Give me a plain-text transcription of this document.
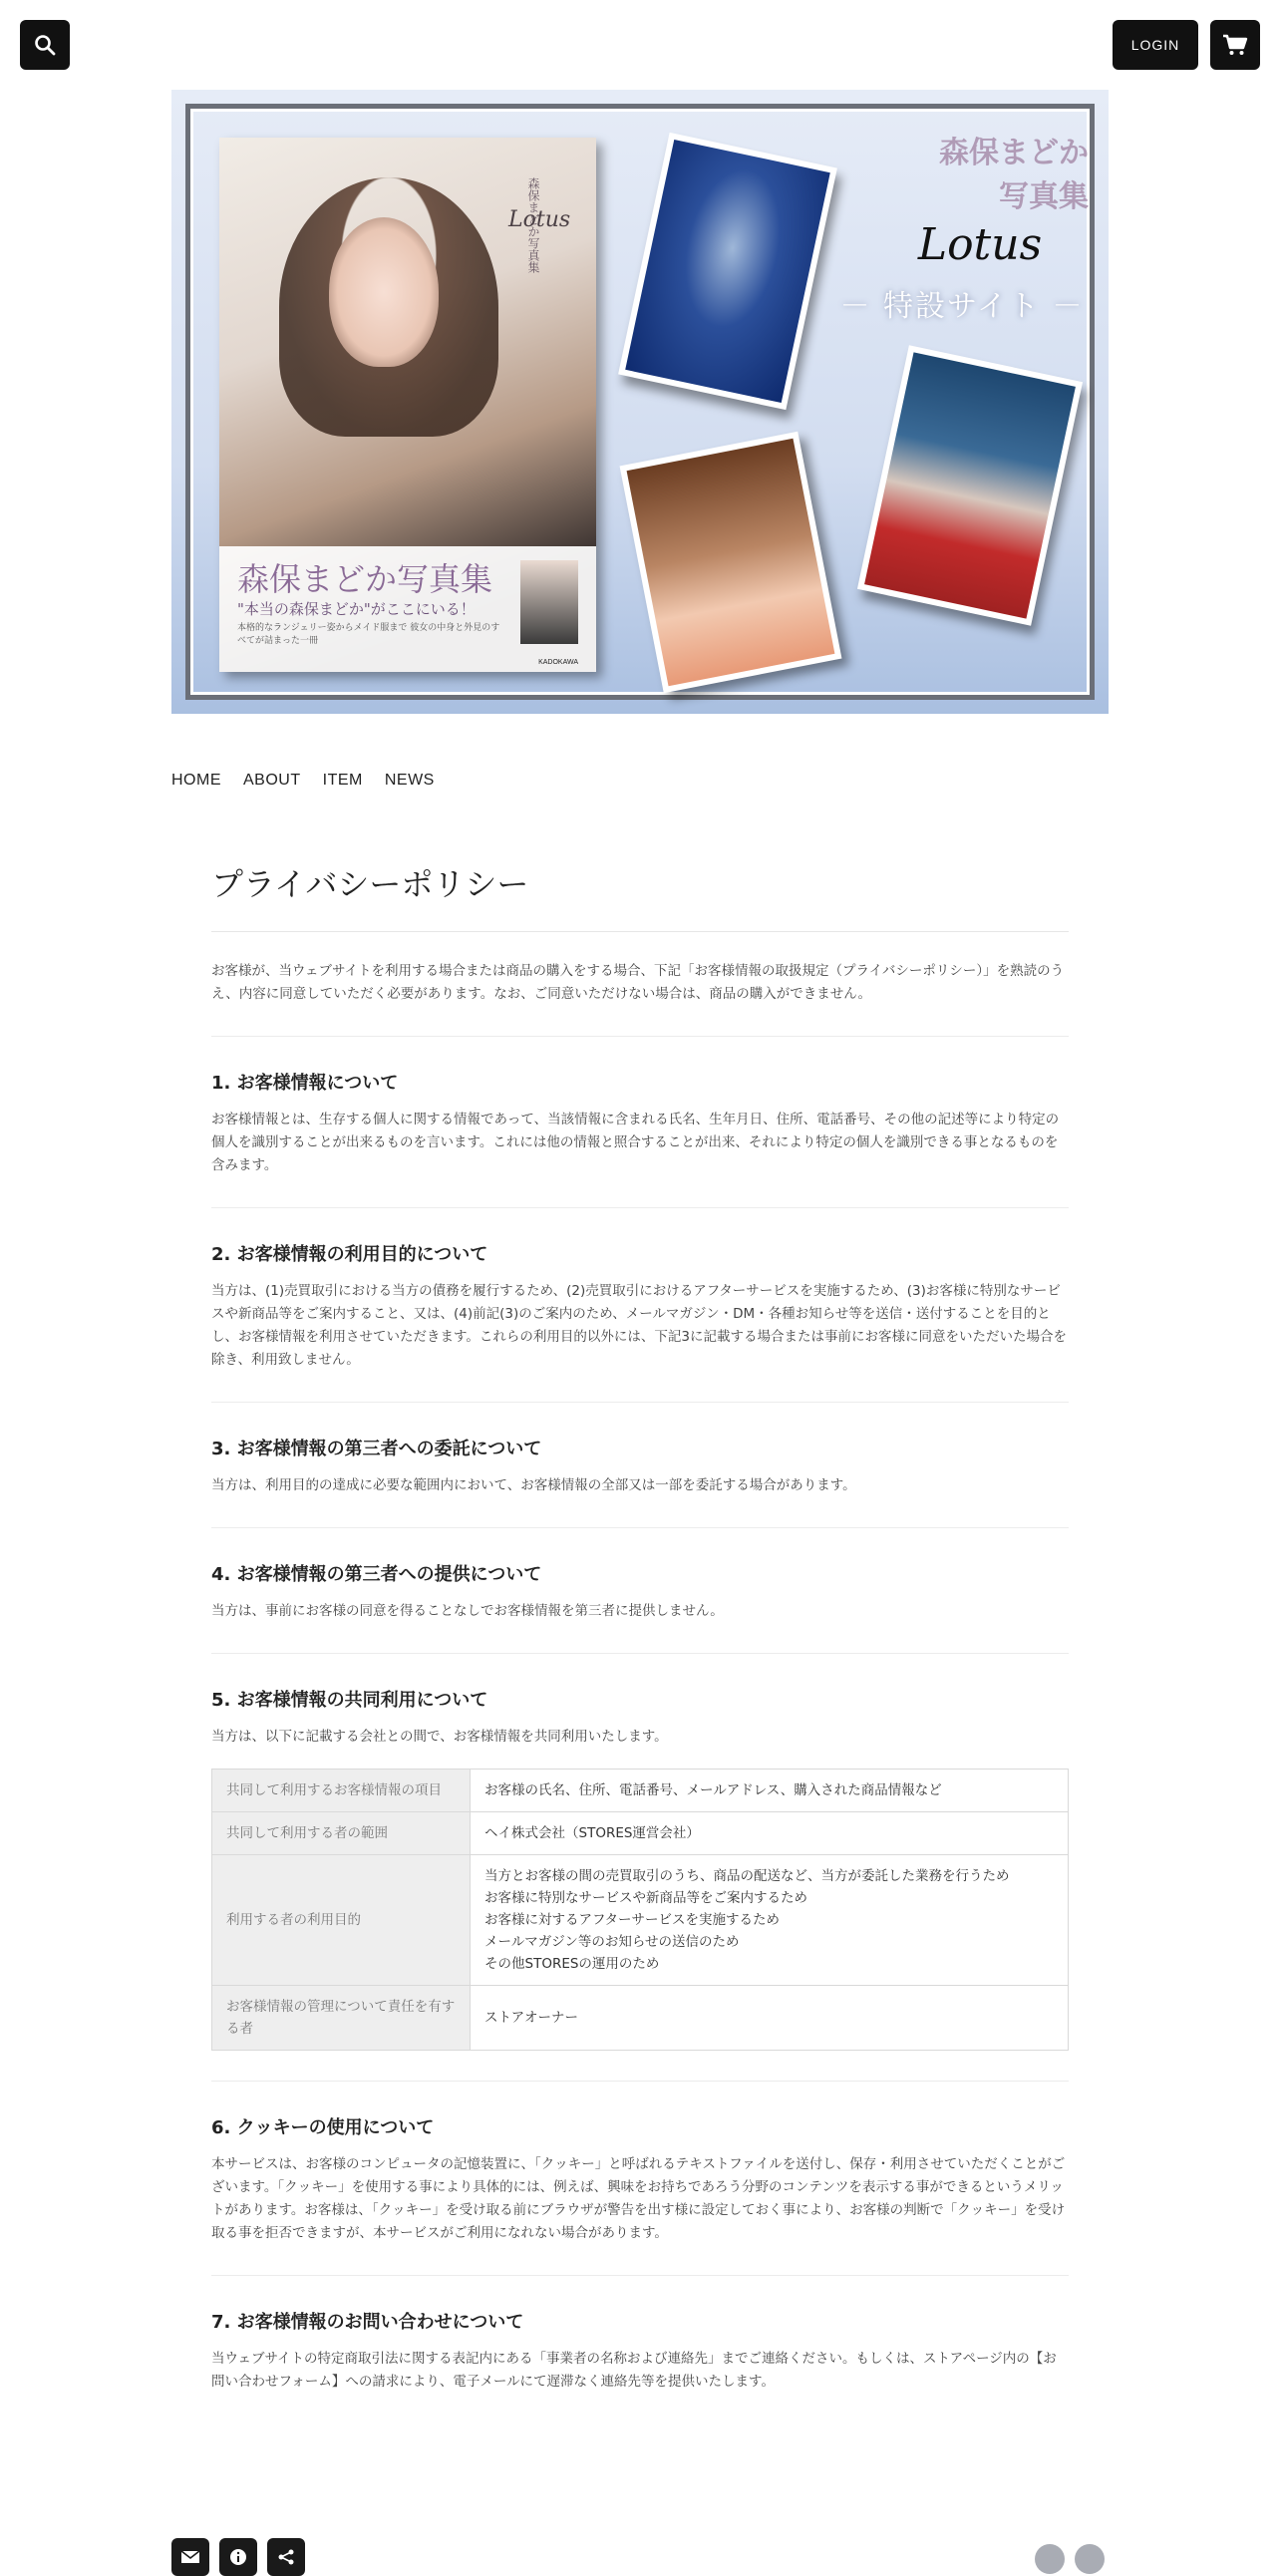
LOGIN
森保まどか写真集
Lotus
森保まどか写真集
"本当の森保まどか"がここにいる！
本格的なランジェリー姿からメイド服まで 彼女の中身と外見のすべてが詰まった一冊
KADOKAWA
森保まどか
写真集
Lotus
－ 特設サイト －
HOME ABOUT ITEM NEWS
プライバシーポリシー

お客様が、当ウェブサイトを利用する場合または商品の購入をする場合、下記「お客様情報の取扱規定（プライバシーポリシー）」を熟読のうえ、内容に同意していただく必要があります。なお、ご同意いただけない場合は、商品の購入ができません。

1. お客様情報について

お客様情報とは、生存する個人に関する情報であって、当該情報に含まれる氏名、生年月日、住所、電話番号、その他の記述等により特定の個人を識別することが出来るものを言います。これには他の情報と照合することが出来、それにより特定の個人を識別できる事となるものを含みます。

2. お客様情報の利用目的について

当方は、(1)売買取引における当方の債務を履行するため、(2)売買取引におけるアフターサービスを実施するため、(3)お客様に特別なサービスや新商品等をご案内すること、又は、(4)前記(3)のご案内のため、メールマガジン・DM・各種お知らせ等を送信・送付することを目的とし、お客様情報を利用させていただきます。これらの利用目的以外には、下記3に記載する場合または事前にお客様に同意をいただいた場合を除き、利用致しません。

3. お客様情報の第三者への委託について

当方は、利用目的の達成に必要な範囲内において、お客様情報の全部又は一部を委託する場合があります。

4. お客様情報の第三者への提供について

当方は、事前にお客様の同意を得ることなしでお客様情報を第三者に提供しません。

5. お客様情報の共同利用について

当方は、以下に記載する会社との間で、お客様情報を共同利用いたします。

共同して利用するお客様情報の項目	お客様の氏名、住所、電話番号、メールアドレス、購入された商品情報など
共同して利用する者の範囲	ヘイ株式会社（STORES運営会社）
利用する者の利用目的	当方とお客様の間の売買取引のうち、商品の配送など、当方が委託した業務を行うため
お客様に特別なサービスや新商品等をご案内するため
お客様に対するアフターサービスを実施するため
メールマガジン等のお知らせの送信のため
その他STORESの運用のため
お客様情報の管理について責任を有する者	ストアオーナー
6. クッキーの使用について

本サービスは、お客様のコンピュータの記憶装置に、「クッキー」と呼ばれるテキストファイルを送付し、保存・利用させていただくことがございます。「クッキー」を使用する事により具体的には、例えば、興味をお持ちであろう分野のコンテンツを表示する事ができるというメリットがあります。お客様は、「クッキー」を受け取る前にブラウザが警告を出す様に設定しておく事により、お客様の判断で「クッキー」を受け取る事を拒否できますが、本サービスがご利用になれない場合があります。

7. お客様情報のお問い合わせについて

当ウェブサイトの特定商取引法に関する表記内にある「事業者の名称および連絡先」までご連絡ください。もしくは、ストアページ内の【お問い合わせフォーム】への請求により、電子メールにて遅滞なく連絡先等を提供いたします。
